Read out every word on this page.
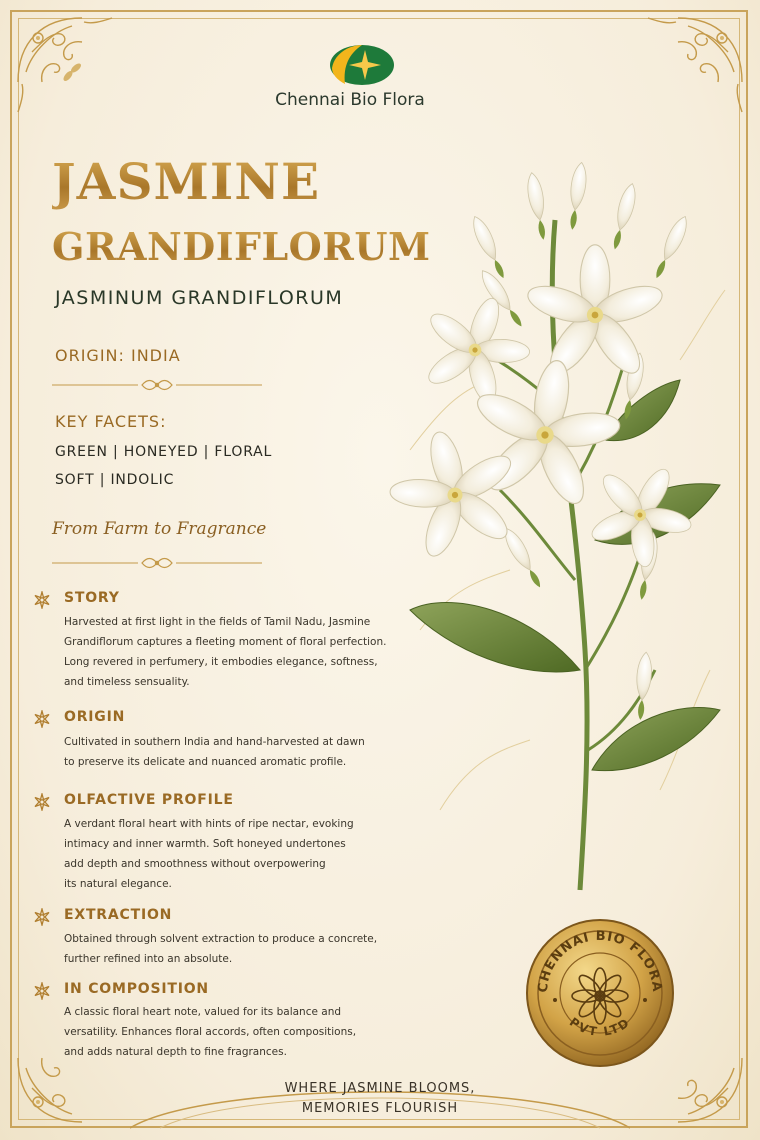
Chennai Bio Flora
JASMINE
GRANDIFLORUM
JASMINUM GRANDIFLORUM
ORIGIN: INDIA
KEY FACETS:
GREEN | HONEYED | FLORAL
SOFT | INDOLIC
From Farm to Fragrance
STORY
Harvested at first light in the fields of Tamil Nadu, Jasmine
Grandiflorum captures a fleeting moment of floral perfection.
Long revered in perfumery, it embodies elegance, softness,
and timeless sensuality.
ORIGIN
Cultivated in southern India and hand-harvested at dawn
to preserve its delicate and nuanced aromatic profile.
OLFACTIVE PROFILE
A verdant floral heart with hints of ripe nectar, evoking
intimacy and inner warmth. Soft honeyed undertones
add depth and smoothness without overpowering
its natural elegance.
EXTRACTION
Obtained through solvent extraction to produce a concrete,
further refined into an absolute.
IN COMPOSITION
A classic floral heart note, valued for its balance and
versatility. Enhances floral accords, often compositions,
and adds natural depth to fine fragrances.
CHENNAI BIO FLORA
PVT LTD
WHERE JASMINE BLOOMS,
MEMORIES FLOURISH
